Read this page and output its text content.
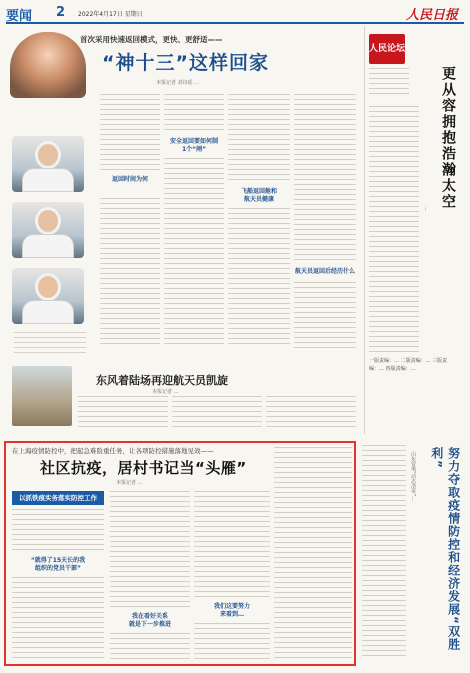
要闻 2 2022年4月17日 星期日	人民日报
首次采用快速返回模式，更快、更舒适——
“神十三”这样回家
本报记者 刘诗瑶 …
返回时间为何
安全返回要如何制
1个“闸”
飞船返回舱和
航天员健康
航天员返回后经历什么
东风着陆场再迎航天员凯旋
本报记者 …
人民论坛
更从容拥抱浩瀚太空
…
一版责编：… 二版责编：… 三版责编：… 四版责编：…
在上海疫情防控中，把起急难险重任务，让各项防控措施落地见效——
社区抗疫，居村书记当“头雁”
本报记者 …
以抓铁痕实务落实防控工作
“就得了15天长的我
组织的党员干部”
我在看好关系
就是下一步推进
我们这要努力
来看到…	努力夺取疫情防控和经济发展“双胜利”
山东曾谐“动态清零”…
